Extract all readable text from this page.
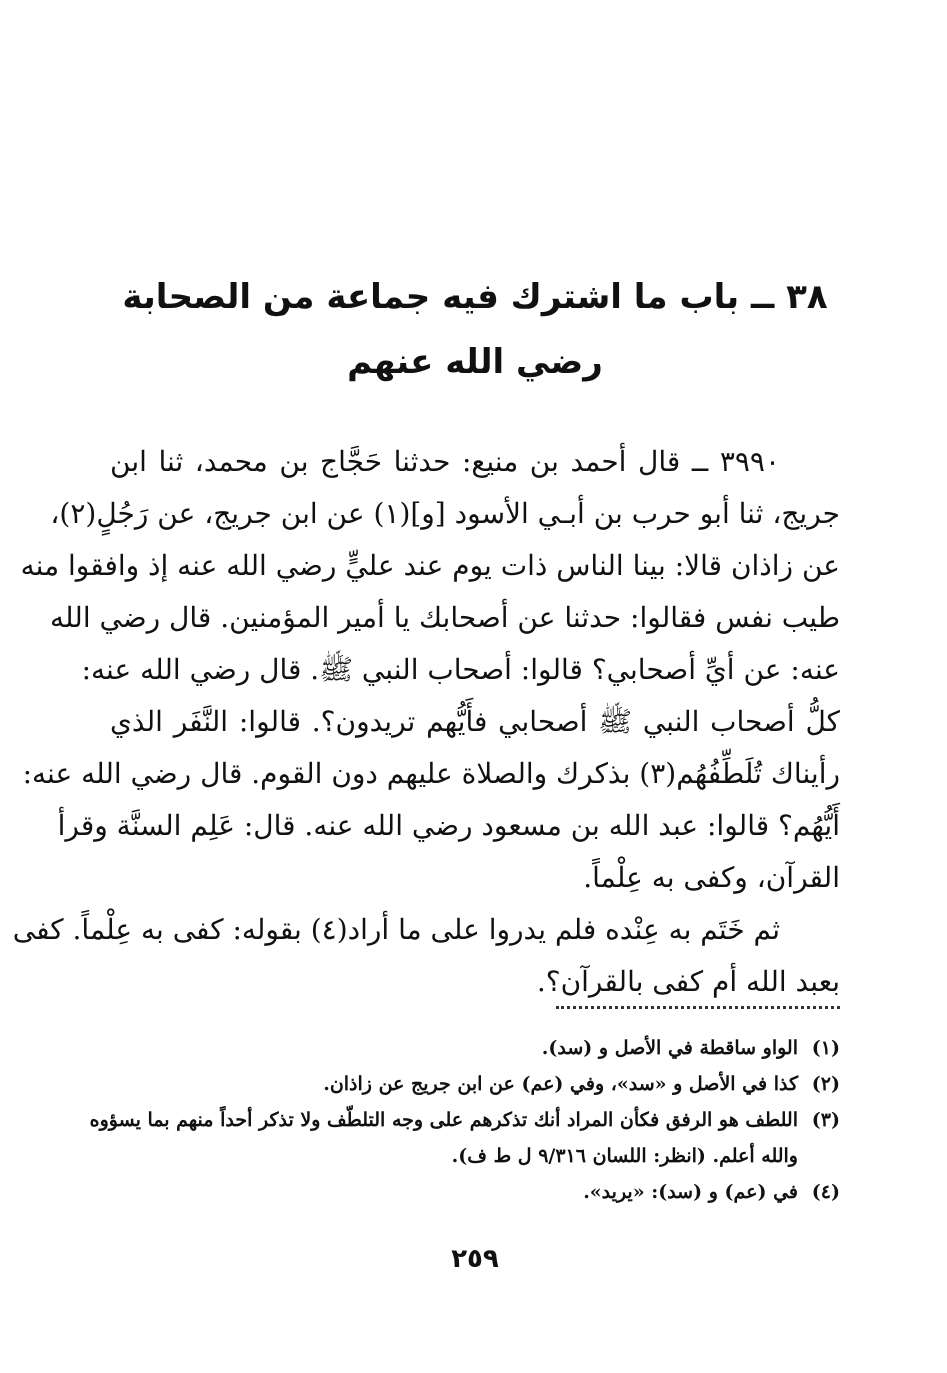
٣٨ ــ باب ما اشترك فيه جماعة من الصحابة
رضي الله عنهم
٣٩٩٠ ــ قال أحمد بن منيع: حدثنا حَجَّاج بن محمد، ثنا ابن
جريج، ثنا أبو حرب بن أبـي الأسود [و](١) عن ابن جريج، عن رَجُلٍ(٢)،
عن زاذان قالا: بينا الناس ذات يوم عند عليٍّ رضي الله عنه إذ وافقوا منه
طيب نفس فقالوا: حدثنا عن أصحابك يا أمير المؤمنين. قال رضي الله
عنه: عن أيِّ أصحابي؟ قالوا: أصحاب النبي ﷺ. قال رضي الله عنه:
كلُّ أصحاب النبي ﷺ أصحابي فأَيُّهم تريدون؟. قالوا: النَّفَر الذي
رأيناك تُلَطِّفُهُم(٣) بذكرك والصلاة عليهم دون القوم. قال رضي الله عنه:
أَيُّهُم؟ قالوا: عبد الله بن مسعود رضي الله عنه. قال: عَلِم السنَّة وقرأ
القرآن، وكفى به عِلْماً.
ثم خَتَم به عِنْده فلم يدروا على ما أراد(٤) بقوله: كفى به عِلْماً. كفى
بعبد الله أم كفى بالقرآن؟.
(١)الواو ساقطة في الأصل و (سد).
(٢)كذا في الأصل و «سد»، وفي (عم) عن ابن جريج عن زاذان.
(٣)اللطف هو الرفق فكأن المراد أنك تذكرهم على وجه التلطّف ولا تذكر أحداً منهم بما يسؤوه
والله أعلم. (انظر: اللسان ٩/٣١٦ ل ط ف).
(٤)في (عم) و (سد): «يريد».
٢٥٩
